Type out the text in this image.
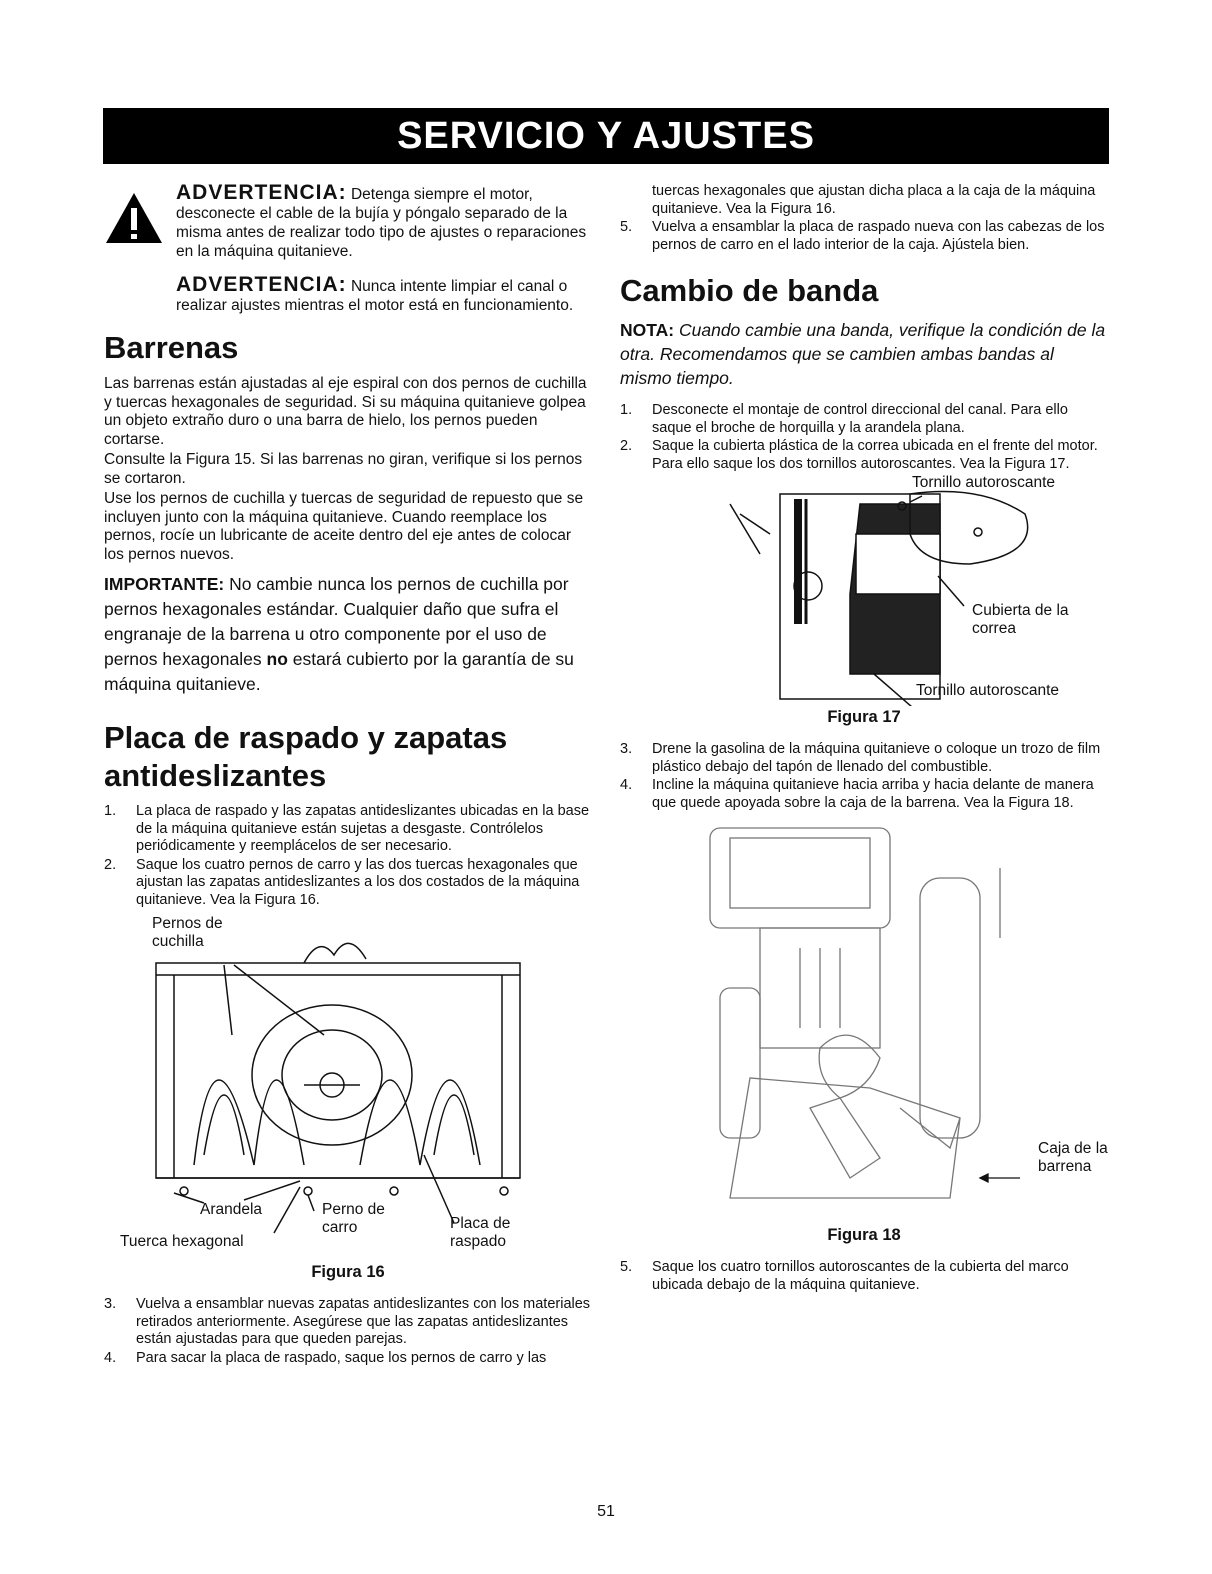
SERVICIO Y AJUSTES

ADVERTENCIA: Detenga siempre el motor, desconecte el cable de la bujía y póngalo separado de la misma antes de realizar todo tipo de ajustes o reparaciones en la máquina quitanieve.

ADVERTENCIA: Nunca intente limpiar el canal o realizar ajustes mientras el motor está en funcionamiento.

Barrenas

Las barrenas están ajustadas al eje espiral con dos pernos de cuchilla y tuercas hexagonales de seguridad. Si su máquina quitanieve golpea un objeto extraño duro o una barra de hielo, los pernos pueden cortarse.

Consulte la Figura 15. Si las barrenas no giran, verifique si los pernos se cortaron.

Use los pernos de cuchilla y tuercas de seguridad de repuesto que se incluyen junto con la máquina quitanieve. Cuando reemplace los pernos, rocíe un lubricante de aceite dentro del eje antes de colocar los pernos nuevos.

IMPORTANTE: No cambie nunca los pernos de cuchilla por pernos hexagonales estándar. Cualquier daño que sufra el engranaje de la barrena u otro componente por el uso de pernos hexagonales no estará cubierto por la garantía de su máquina quitanieve.

Placa de raspado y zapatas antideslizantes
1. La placa de raspado y las zapatas antideslizantes ubicadas en la base de la máquina quitanieve están sujetas a desgaste. Contrólelos periódicamente y reemplácelos de ser necesario.
2. Saque los cuatro pernos de carro y las dos tuercas hexagonales que ajustan las zapatas antideslizantes a los dos costados de la máquina quitanieve. Vea la Figura 16.
Pernos de cuchilla
Arandela	Perno de carro	Placa de raspado
Tuerca hexagonal
Figura 16
3. Vuelva a ensamblar nuevas zapatas antideslizantes con los materiales retirados anteriormente. Asegúrese que las zapatas antideslizantes están ajustadas para que queden parejas.
4. Para sacar la placa de raspado, saque los pernos de carro y las
tuercas hexagonales que ajustan dicha placa a la caja de la máquina quitanieve. Vea la Figura 16.
5. Vuelva a ensamblar la placa de raspado nueva con las cabezas de los pernos de carro en el lado interior de la caja. Ajústela bien.
Cambio de banda

NOTA: Cuando cambie una banda, verifique la condición de la otra. Recomendamos que se cambien ambas bandas al mismo tiempo.

1. Desconecte el montaje de control direccional del canal. Para ello saque el broche de horquilla y la arandela plana.
2. Saque la cubierta plástica de la correa ubicada en el frente del motor. Para ello saque los dos tornillos autoroscantes. Vea la Figura 17.
Tornillo autoroscante
Cubierta de la correa
Tornillo autoroscante
Figura 17
3. Drene la gasolina de la máquina quitanieve o coloque un trozo de film plástico debajo del tapón de llenado del combustible.
4. Incline la máquina quitanieve hacia arriba y hacia delante de manera que quede apoyada sobre la caja de la barrena. Vea la Figura 18.
Caja de la barrena
Figura 18
5. Saque los cuatro tornillos autoroscantes de la cubierta del marco ubicada debajo de la máquina quitanieve.
51
